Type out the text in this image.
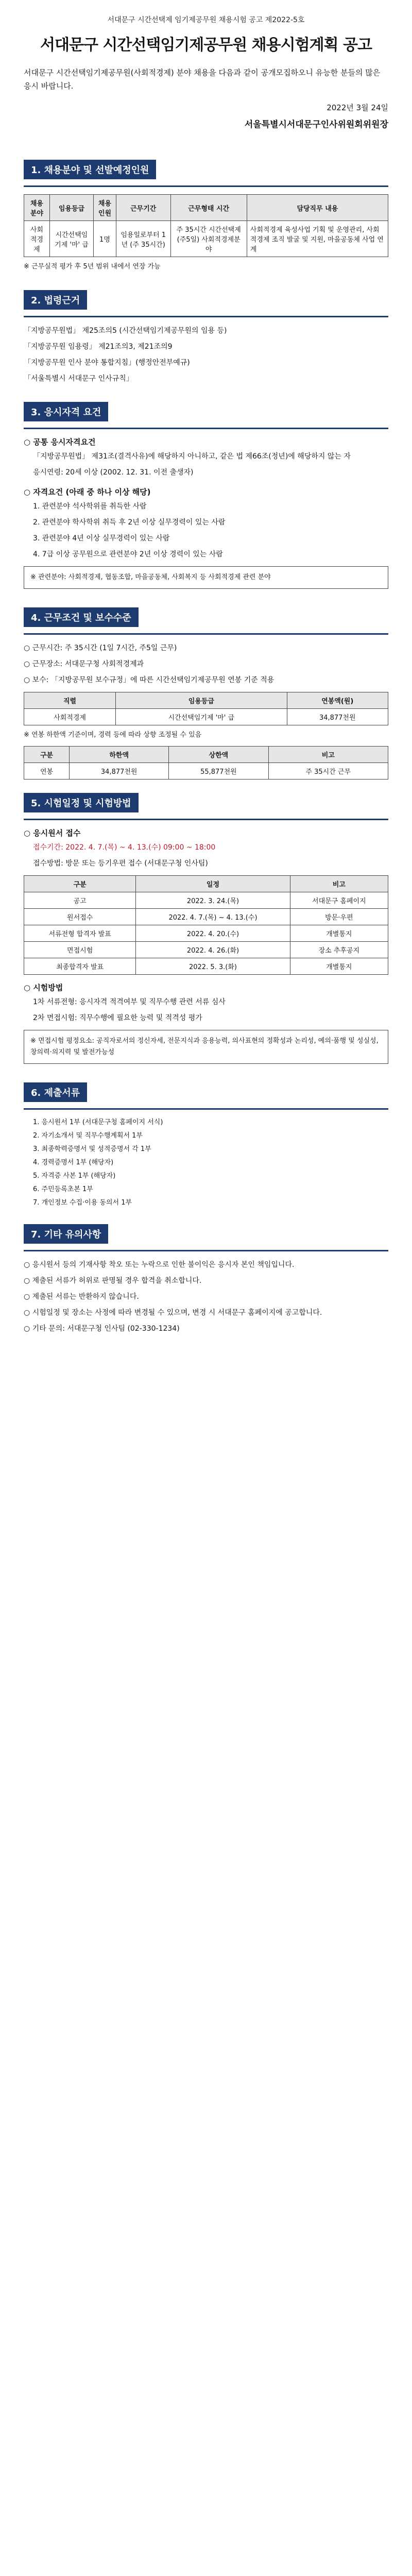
서대문구 시간선택제 임기제공무원 채용시험 공고 제2022-5호
서대문구 시간선택임기제공무원 채용시험계획 공고

서대문구 시간선택임기제공무원(사회적경제) 분야 채용을 다음과 같이 공개모집하오니 유능한 분들의 많은 응시 바랍니다.

2022년 3월 24일
서울특별시서대문구인사위원회위원장
1. 채용분야 및 선발예정인원
채용분야	임용등급	채용인원	근무기간	근무형태 시간	담당직무 내용
사회적경제	시간선택임기제 '마' 급	1명	임용일로부터 1년 (주 35시간)	주 35시간 시간선택제(주5일) 사회적경제분야	사회적경제 육성사업 기획 및 운영관리, 사회적경제 조직 발굴 및 지원, 마을공동체 사업 연계
※ 근무실적 평가 후 5년 범위 내에서 연장 가능
2. 법령근거
「지방공무원법」 제25조의5 (시간선택임기제공무원의 임용 등)
「지방공무원 임용령」 제21조의3, 제21조의9
「지방공무원 인사 분야 통합지침」(행정안전부예규)
「서울특별시 서대문구 인사규칙」
3. 응시자격 요건
○ 공통 응시자격요건
「지방공무원법」 제31조(결격사유)에 해당하지 아니하고, 같은 법 제66조(정년)에 해당하지 않는 자
응시연령: 20세 이상 (2002. 12. 31. 이전 출생자)
○ 자격요건 (아래 중 하나 이상 해당)
1. 관련분야 석사학위를 취득한 사람
2. 관련분야 학사학위 취득 후 2년 이상 실무경력이 있는 사람
3. 관련분야 4년 이상 실무경력이 있는 사람
4. 7급 이상 공무원으로 관련분야 2년 이상 경력이 있는 사람
※ 관련분야: 사회적경제, 협동조합, 마을공동체, 사회복지 등 사회적경제 관련 분야
4. 근무조건 및 보수수준
○ 근무시간: 주 35시간 (1일 7시간, 주5일 근무)
○ 근무장소: 서대문구청 사회적경제과
○ 보수: 「지방공무원 보수규정」에 따른 시간선택임기제공무원 연봉 기준 적용
직렬	임용등급	연봉액(원)
사회적경제	시간선택임기제 '마' 급	34,877천원
※ 연봉 하한액 기준이며, 경력 등에 따라 상향 조정될 수 있음
구분	하한액	상한액	비고
연봉	34,877천원	55,877천원	주 35시간 근무
5. 시험일정 및 시험방법
○ 응시원서 접수
접수기간: 2022. 4. 7.(목) ~ 4. 13.(수) 09:00 ~ 18:00
접수방법: 방문 또는 등기우편 접수 (서대문구청 인사팀)
구분	일정	비고
공고	2022. 3. 24.(목)	서대문구 홈페이지
원서접수	2022. 4. 7.(목) ~ 4. 13.(수)	방문·우편
서류전형 합격자 발표	2022. 4. 20.(수)	개별통지
면접시험	2022. 4. 26.(화)	장소 추후공지
최종합격자 발표	2022. 5. 3.(화)	개별통지
○ 시험방법
1차 서류전형: 응시자격 적격여부 및 직무수행 관련 서류 심사
2차 면접시험: 직무수행에 필요한 능력 및 적격성 평가
※ 면접시험 평정요소: 공직자로서의 정신자세, 전문지식과 응용능력, 의사표현의 정확성과 논리성, 예의·품행 및 성실성, 창의력·의지력 및 발전가능성
6. 제출서류
1. 응시원서 1부 (서대문구청 홈페이지 서식)
2. 자기소개서 및 직무수행계획서 1부
3. 최종학력증명서 및 성적증명서 각 1부
4. 경력증명서 1부 (해당자)
5. 자격증 사본 1부 (해당자)
6. 주민등록초본 1부
7. 개인정보 수집·이용 동의서 1부
7. 기타 유의사항
○ 응시원서 등의 기재사항 착오 또는 누락으로 인한 불이익은 응시자 본인 책임입니다.
○ 제출된 서류가 허위로 판명될 경우 합격을 취소합니다.
○ 제출된 서류는 반환하지 않습니다.
○ 시험일정 및 장소는 사정에 따라 변경될 수 있으며, 변경 시 서대문구 홈페이지에 공고합니다.
○ 기타 문의: 서대문구청 인사팀 (02-330-1234)
